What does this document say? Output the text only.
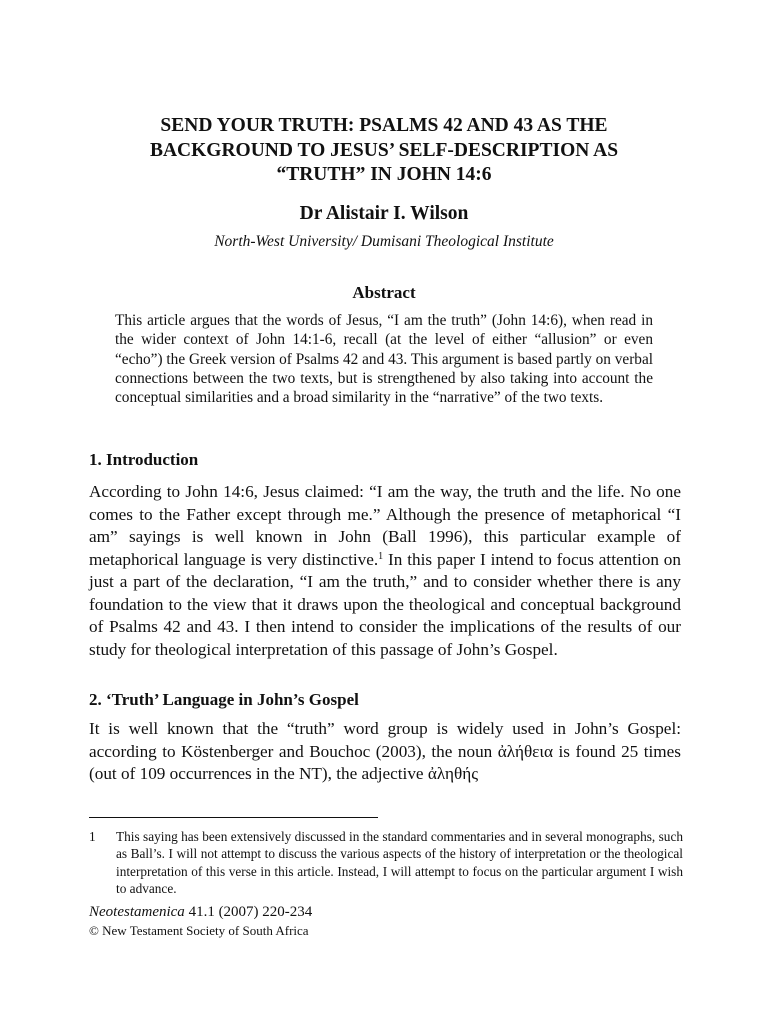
SEND YOUR TRUTH: PSALMS 42 AND 43 AS THE
BACKGROUND TO JESUS’ SELF-DESCRIPTION AS
“TRUTH” IN JOHN 14:6

Dr Alistair I. Wilson

North-West University/ Dumisani Theological Institute

Abstract

This article argues that the words of Jesus, “I am the truth” (John 14:6), when read in the wider context of John 14:1-6, recall (at the level of either “allusion” or even “echo”) the Greek version of Psalms 42 and 43. This argument is based partly on verbal connections between the two texts, but is strengthened by also taking into account the conceptual similarities and a broad similarity in the “narrative” of the two texts.

1. Introduction

According to John 14:6, Jesus claimed: “I am the way, the truth and the life. No one comes to the Father except through me.” Although the presence of metaphorical “I am” sayings is well known in John (Ball 1996), this particular example of metaphorical language is very distinctive.$^1$ In this paper I intend to focus attention on just a part of the declaration, “I am the truth,” and to consider whether there is any foundation to the view that it draws upon the theological and conceptual background of Psalms 42 and 43. I then intend to consider the implications of the results of our study for theological interpretation of this passage of John’s Gospel.

2. ‘Truth’ Language in John’s Gospel

It is well known that the “truth” word group is widely used in John’s Gospel: according to Köstenberger and Bouchoc (2003), the noun ἀλήθεια is found 25 times (out of 109 occurrences in the NT), the adjective ἀληθής

1 This saying has been extensively discussed in the standard commentaries and in several monographs, such as Ball’s. I will not attempt to discuss the various aspects of the history of interpretation or the theological interpretation of this verse in this article. Instead, I will attempt to focus on the particular argument I wish to advance.

Neotestamenica 41.1 (2007) 220-234

© New Testament Society of South Africa
